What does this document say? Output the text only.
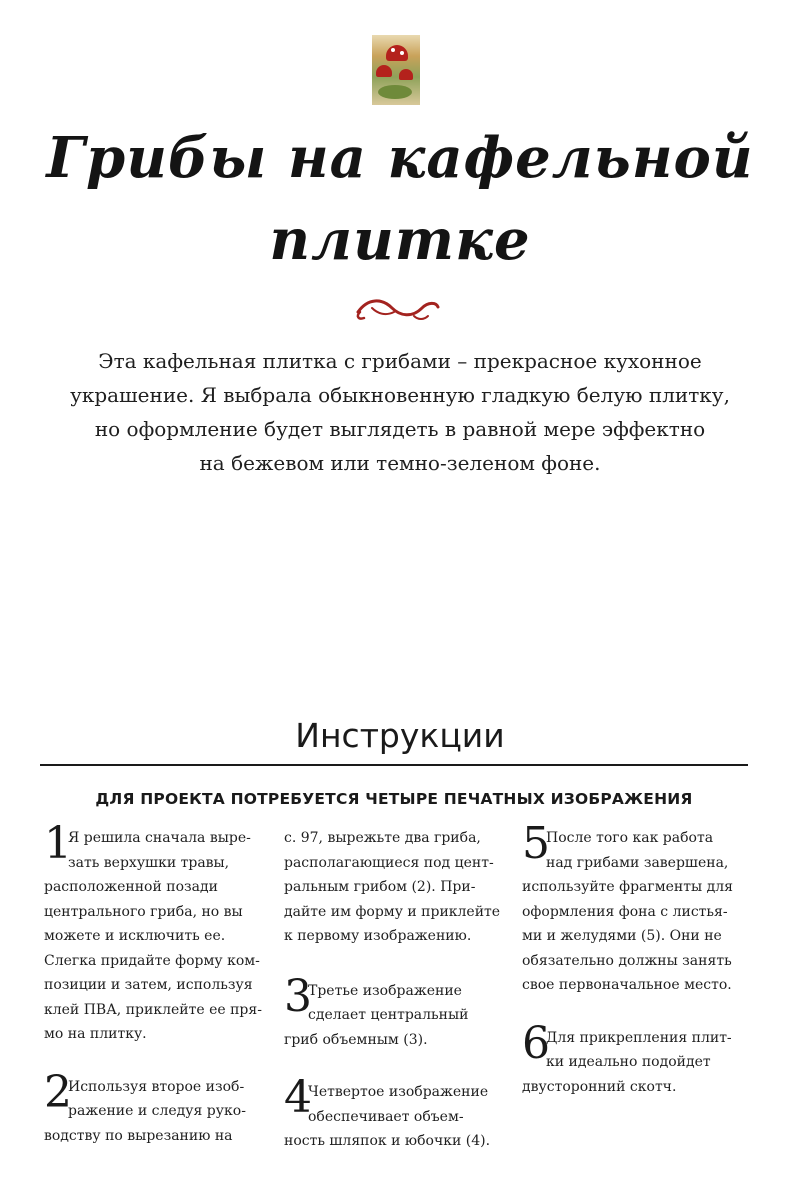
Грибы на кафельной
плитке
Эта кафельная плитка с грибами – прекрасное кухонное
украшение. Я выбрала обыкновенную гладкую белую плитку,
но оформление будет выглядеть в равной мере эффектно
на бежевом или темно-зеленом фоне.
Инструкции
ДЛЯ ПРОЕКТА ПОТРЕБУЕТСЯ ЧЕТЫРЕ ПЕЧАТНЫХ ИЗОБРАЖЕНИЯ
1
Я решила сначала выре-
зать верхушки травы,
расположенной позади
центрального гриба, но вы
можете и исключить ее.
Слегка придайте форму ком-
позиции и затем, используя
клей ПВА, приклейте ее пря-
мо на плитку.
2
Используя второе изоб-
ражение и следуя руко-
водству по вырезанию на
с. 97, вырежьте два гриба,
располагающиеся под цент-
ральным грибом (2). При-
дайте им форму и приклейте
к первому изображению.
3
Третье изображение
сделает центральный
гриб объемным (3).
4
Четвертое изображение
обеспечивает объем-
ность шляпок и юбочки (4).
5
После того как работа
над грибами завершена,
используйте фрагменты для
оформления фона с листья-
ми и желудями (5). Они не
обязательно должны занять
свое первоначальное место.
6
Для прикрепления плит-
ки идеально подойдет
двусторонний скотч.
